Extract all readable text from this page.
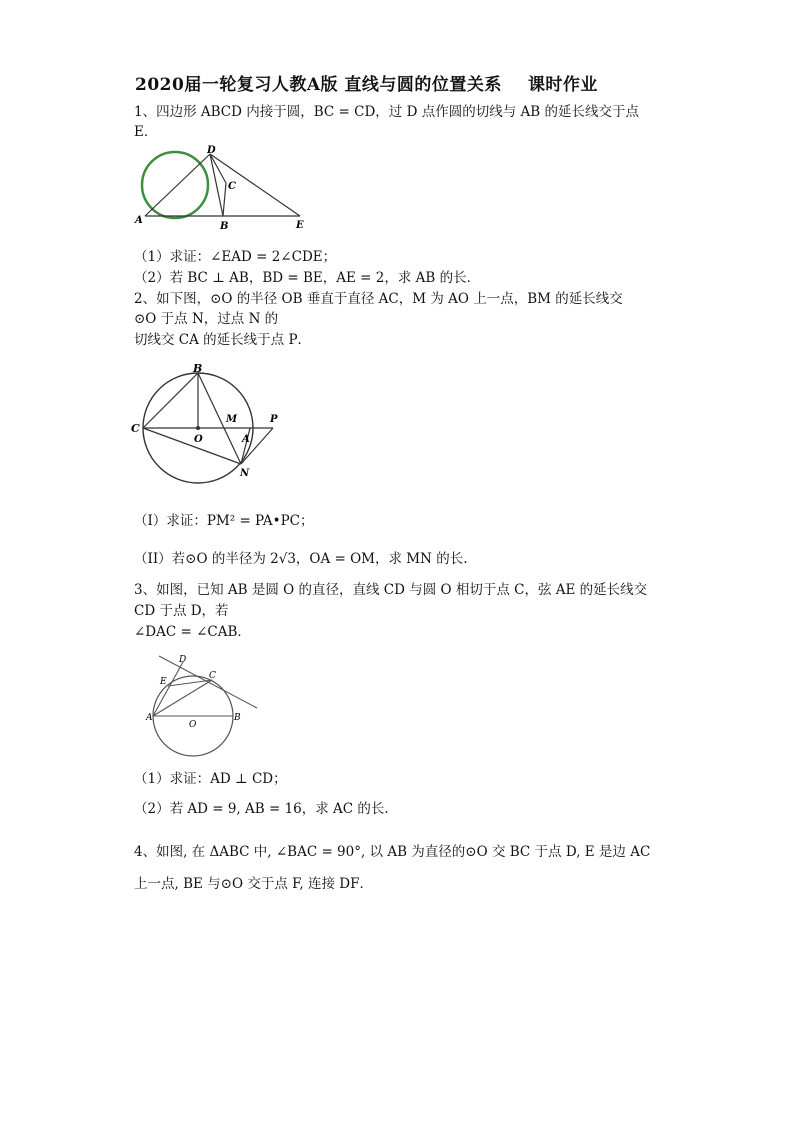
2020届一轮复习人教A版 直线与圆的位置关系 课时作业
1、四边形 ABCD 内接于圆，BC = CD，过 D 点作圆的切线与 AB 的延长线交于点
E．
A
B
C
D
E
（1）求证：∠EAD = 2∠CDE；
（2）若 BC ⊥ AB，BD = BE，AE = 2，求 AB 的长．
2、如下图，⊙O 的半径 OB 垂直于直径 AC，M 为 AO 上一点，BM 的延长线交
⊙O 于点 N，过点 N 的
切线交 CA 的延长线于点 P．
B
C
O
M
A
P
N
（I）求证：PM² = PA•PC；
（II）若⊙O 的半径为 2√3，OA = OM，求 MN 的长.
3、如图，已知 AB 是圆 O 的直径，直线 CD 与圆 O 相切于点 C，弦 AE 的延长线交
CD 于点 D，若
∠DAC = ∠CAB．
D
C
E
A
O
B
（1）求证：AD ⊥ CD；
（2）若 AD = 9, AB = 16，求 AC 的长.
4、如图, 在 ΔABC 中, ∠BAC = 90°, 以 AB 为直径的⊙O 交 BC 于点 D, E 是边 AC
上一点, BE 与⊙O 交于点 F, 连接 DF．
